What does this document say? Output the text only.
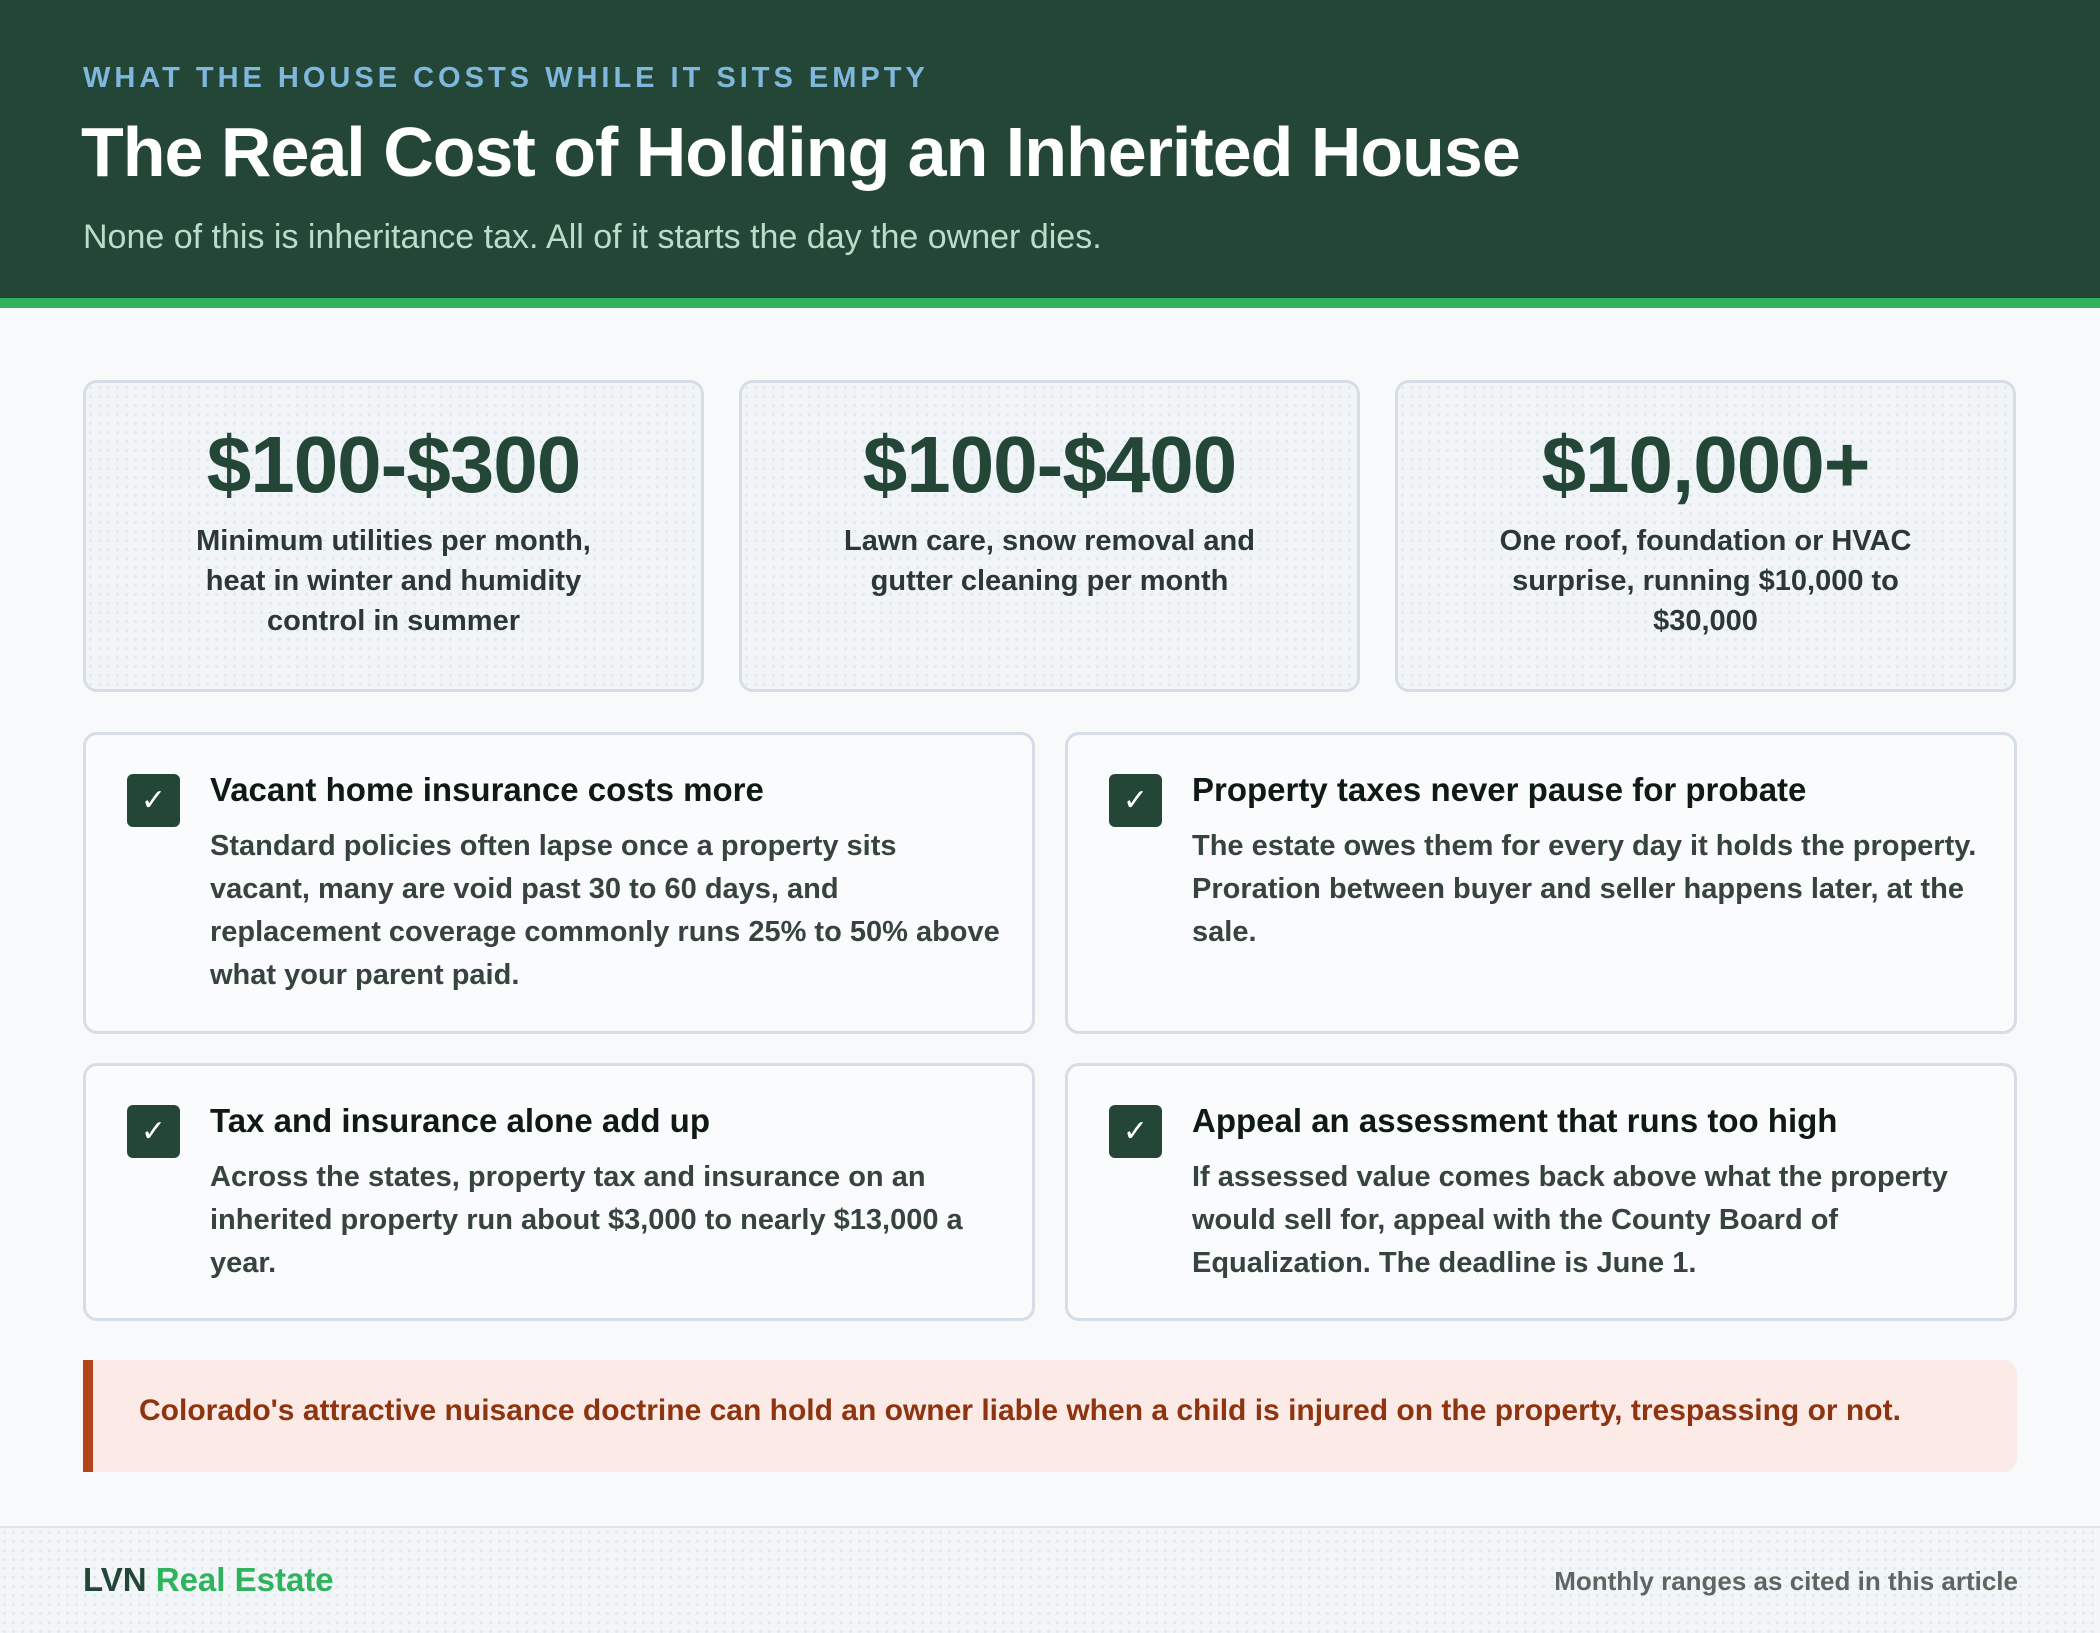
WHAT THE HOUSE COSTS WHILE IT SITS EMPTY
The Real Cost of Holding an Inherited House
None of this is inheritance tax. All of it starts the day the owner dies.
$100-$300
Minimum utilities per month, heat in winter and humidity control in summer
$100-$400
Lawn care, snow removal and gutter cleaning per month
$10,000+
One roof, foundation or HVAC surprise, running $10,000 to $30,000
✓	Vacant home insurance costs more

Standard policies often lapse once a property sits vacant, many are void past 30 to 60 days, and replacement coverage commonly runs 25% to 50% above what your parent paid.

✓	Property taxes never pause for probate

The estate owes them for every day it holds the property. Proration between buyer and seller happens later, at the sale.

✓	Tax and insurance alone add up

Across the states, property tax and insurance on an inherited property run about $3,000 to nearly $13,000 a year.

✓	Appeal an assessment that runs too high

If assessed value comes back above what the property would sell for, appeal with the County Board of Equalization. The deadline is June 1.

Colorado's attractive nuisance doctrine can hold an owner liable when a child is injured on the property, trespassing or not.
LVN Real Estate	Monthly ranges as cited in this article
